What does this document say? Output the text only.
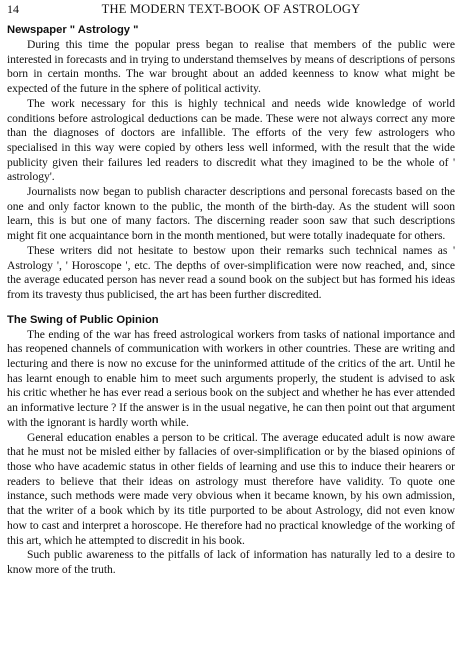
14	THE MODERN TEXT-BOOK OF ASTROLOGY
Newspaper " Astrology "

During this time the popular press began to realise that members of the public were interested in forecasts and in trying to understand themselves by means of descriptions of persons born in certain months. The war brought about an added keenness to know what might be expected of the future in the sphere of political activity.

The work necessary for this is highly technical and needs wide knowledge of world conditions before astrological deductions can be made. These were not always correct any more than the diagnoses of doctors are infallible. The efforts of the very few astrologers who specialised in this way were copied by others less well informed, with the result that the wide publicity given their failures led readers to discredit what they imagined to be the whole of ' astrology'.

Journalists now began to publish character descriptions and personal forecasts based on the one and only factor known to the public, the month of the birth-day. As the student will soon learn, this is but one of many factors. The discerning reader soon saw that such descriptions might fit one acquaintance born in the month mentioned, but were totally inadequate for others.

These writers did not hesitate to bestow upon their remarks such technical names as ' Astrology ', ' Horoscope ', etc. The depths of over-simplification were now reached, and, since the average educated person has never read a sound book on the subject but has formed his ideas from its travesty thus publicised, the art has been further discredited.

The Swing of Public Opinion

The ending of the war has freed astrological workers from tasks of national importance and has reopened channels of communication with workers in other countries. These are writing and lecturing and there is now no excuse for the uninformed attitude of the critics of the art. Until he has learnt enough to enable him to meet such arguments properly, the student is advised to ask his critic whether he has ever read a serious book on the subject and whether he has ever attended an informative lecture ? If the answer is in the usual negative, he can then point out that argument with the ignorant is hardly worth while.

General education enables a person to be critical. The average educated adult is now aware that he must not be misled either by fallacies of over-simplification or by the biased opinions of those who have academic status in other fields of learning and use this to induce their hearers or readers to believe that their ideas on astrology must therefore have validity. To quote one instance, such methods were made very obvious when it became known, by his own admission, that the writer of a book which by its title purported to be about Astrology, did not even know how to cast and interpret a horoscope. He therefore had no practical knowledge of the working of this art, which he attempted to discredit in his book.

Such public awareness to the pitfalls of lack of information has naturally led to a desire to know more of the truth.
